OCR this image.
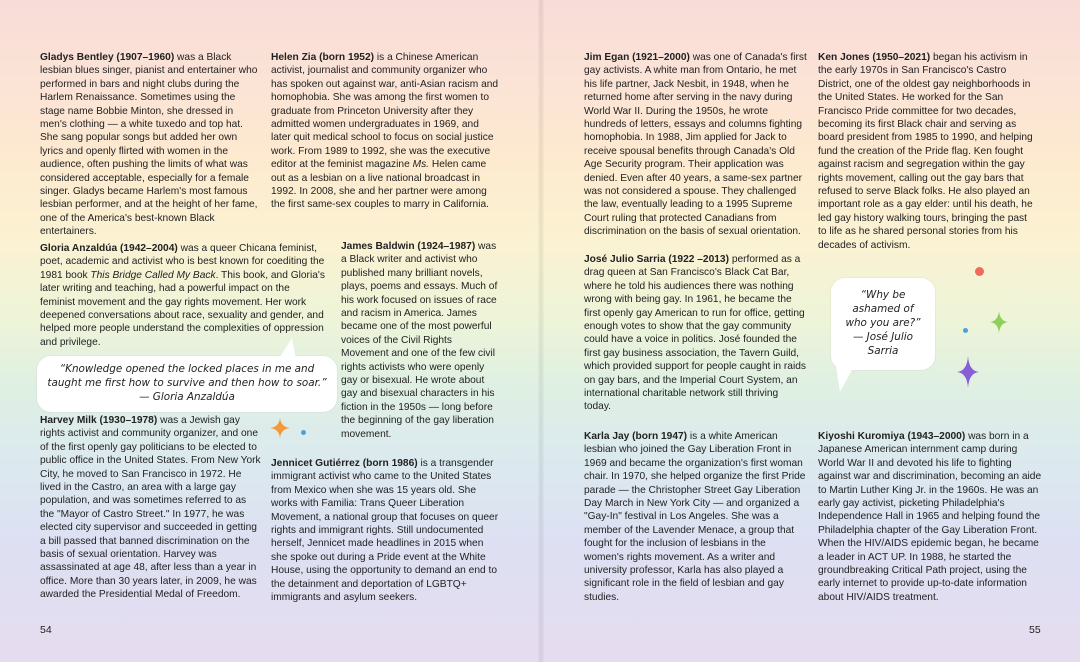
Gladys Bentley (1907–1960) was a Black lesbian blues singer, pianist and entertainer who performed in bars and night clubs during the Harlem Renaissance. Sometimes using the stage name Bobbie Minton, she dressed in men's clothing — a white tuxedo and top hat. She sang popular songs but added her own lyrics and openly flirted with women in the audience, often pushing the limits of what was considered acceptable, especially for a female singer. Gladys became Harlem's most famous lesbian performer, and at the height of her fame, one of the America's best-known Black entertainers.

Helen Zia (born 1952) is a Chinese American activist, journalist and community organizer who has spoken out against war, anti-Asian racism and homophobia. She was among the first women to graduate from Princeton University after they admitted women undergraduates in 1969, and later quit medical school to focus on social justice work. From 1989 to 1992, she was the executive editor at the feminist magazine Ms. Helen came out as a lesbian on a live national broadcast in 1992. In 2008, she and her partner were among the first same-sex couples to marry in California.

Gloria Anzaldúa (1942–2004) was a queer Chicana feminist, poet, academic and activist who is best known for coediting the 1981 book This Bridge Called My Back. This book, and Gloria's later writing and teaching, had a powerful impact on the feminist movement and the gay rights movement. Her work deepened conversations about race, sexuality and gender, and helped more people understand the complexities of oppression and privilege.

James Baldwin (1924–1987) was a Black writer and activist who published many brilliant novels, plays, poems and essays. Much of his work focused on issues of race and racism in America. James became one of the most powerful voices of the Civil Rights Movement and one of the few civil rights activists who were openly gay or bisexual. He wrote about gay and bisexual characters in his fiction in the 1950s — long before the beginning of the gay liberation movement.

“Knowledge opened the locked places in me and

taught me first how to survive and then how to soar.”

— Gloria Anzaldúa

Harvey Milk (1930–1978) was a Jewish gay rights activist and community organizer, and one of the first openly gay politicians to be elected to public office in the United States. From New York City, he moved to San Francisco in 1972. He lived in the Castro, an area with a large gay population, and was sometimes referred to as the "Mayor of Castro Street." In 1977, he was elected city supervisor and succeeded in getting a bill passed that banned discrimination on the basis of sexual orientation. Harvey was assassinated at age 48, after less than a year in office. More than 30 years later, in 2009, he was awarded the Presidential Medal of Freedom.

Jennicet Gutiérrez (born 1986) is a transgender immigrant activist who came to the United States from Mexico when she was 15 years old. She works with Familia: Trans Queer Liberation Movement, a national group that focuses on queer rights and immigrant rights. Still undocumented herself, Jennicet made headlines in 2015 when she spoke out during a Pride event at the White House, using the opportunity to demand an end to the detainment and deportation of LGBTQ+ immigrants and asylum seekers.

54

Jim Egan (1921–2000) was one of Canada's first gay activists. A white man from Ontario, he met his life partner, Jack Nesbit, in 1948, when he returned home after serving in the navy during World War II. During the 1950s, he wrote hundreds of letters, essays and columns fighting homophobia. In 1988, Jim applied for Jack to receive spousal benefits through Canada's Old Age Security program. Their application was denied. Even after 40 years, a same-sex partner was not considered a spouse. They challenged the law, eventually leading to a 1995 Supreme Court ruling that protected Canadians from discrimination on the basis of sexual orientation.

Ken Jones (1950–2021) began his activism in the early 1970s in San Francisco's Castro District, one of the oldest gay neighborhoods in the United States. He worked for the San Francisco Pride committee for two decades, becoming its first Black chair and serving as board president from 1985 to 1990, and helping fund the creation of the Pride flag. Ken fought against racism and segregation within the gay rights movement, calling out the gay bars that refused to serve Black folks. He also played an important role as a gay elder: until his death, he led gay history walking tours, bringing the past to life as he shared personal stories from his decades of activism.

José Julio Sarria (1922 –2013) performed as a drag queen at San Francisco's Black Cat Bar, where he told his audiences there was nothing wrong with being gay. In 1961, he became the first openly gay American to run for office, getting enough votes to show that the gay community could have a voice in politics. José founded the first gay business association, the Tavern Guild, which provided support for people caught in raids on gay bars, and the Imperial Court System, an international charitable network still thriving today.

“Why be

ashamed of

who you are?”

— José Julio

Sarria

Karla Jay (born 1947) is a white American lesbian who joined the Gay Liberation Front in 1969 and became the organization's first woman chair. In 1970, she helped organize the first Pride parade — the Christopher Street Gay Liberation Day March in New York City — and organized a "Gay-In" festival in Los Angeles. She was a member of the Lavender Menace, a group that fought for the inclusion of lesbians in the women's rights movement. As a writer and university professor, Karla has also played a significant role in the field of lesbian and gay studies.

Kiyoshi Kuromiya (1943–2000) was born in a Japanese American internment camp during World War II and devoted his life to fighting against war and discrimination, becoming an aide to Martin Luther King Jr. in the 1960s. He was an early gay activist, picketing Philadelphia's Independence Hall in 1965 and helping found the Philadelphia chapter of the Gay Liberation Front. When the HIV/AIDS epidemic began, he became a leader in ACT UP. In 1988, he started the groundbreaking Critical Path project, using the early internet to provide up-to-date information about HIV/AIDS treatment.

55
